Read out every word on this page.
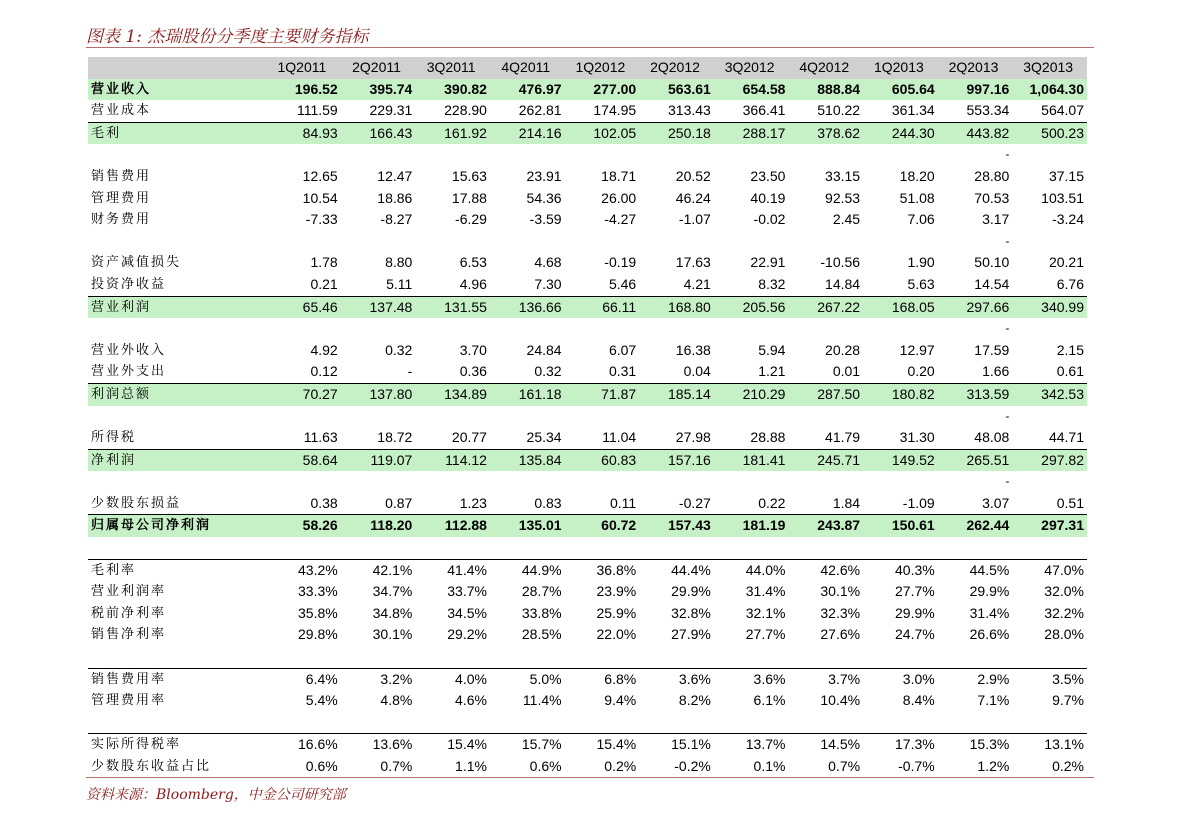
图表 1: 杰瑞股份分季度主要财务指标
	1Q2011	2Q2011	3Q2011	4Q2011	1Q2012	2Q2012	3Q2012	4Q2012	1Q2013	2Q2013	3Q2013
营业收入	196.52	395.74	390.82	476.97	277.00	563.61	654.58	888.84	605.64	997.16	1,064.30
营业成本	111.59	229.31	228.90	262.81	174.95	313.43	366.41	510.22	361.34	553.34	564.07
毛利	84.93	166.43	161.92	214.16	102.05	250.18	288.17	378.62	244.30	443.82	500.23
										-	
销售费用	12.65	12.47	15.63	23.91	18.71	20.52	23.50	33.15	18.20	28.80	37.15
管理费用	10.54	18.86	17.88	54.36	26.00	46.24	40.19	92.53	51.08	70.53	103.51
财务费用	-7.33	-8.27	-6.29	-3.59	-4.27	-1.07	-0.02	2.45	7.06	3.17	-3.24
										-	
资产减值损失	1.78	8.80	6.53	4.68	-0.19	17.63	22.91	-10.56	1.90	50.10	20.21
投资净收益	0.21	5.11	4.96	7.30	5.46	4.21	8.32	14.84	5.63	14.54	6.76
营业利润	65.46	137.48	131.55	136.66	66.11	168.80	205.56	267.22	168.05	297.66	340.99
										-	
营业外收入	4.92	0.32	3.70	24.84	6.07	16.38	5.94	20.28	12.97	17.59	2.15
营业外支出	0.12	-	0.36	0.32	0.31	0.04	1.21	0.01	0.20	1.66	0.61
利润总额	70.27	137.80	134.89	161.18	71.87	185.14	210.29	287.50	180.82	313.59	342.53
										-	
所得税	11.63	18.72	20.77	25.34	11.04	27.98	28.88	41.79	31.30	48.08	44.71
净利润	58.64	119.07	114.12	135.84	60.83	157.16	181.41	245.71	149.52	265.51	297.82
										-	
少数股东损益	0.38	0.87	1.23	0.83	0.11	-0.27	0.22	1.84	-1.09	3.07	0.51
归属母公司净利润	58.26	118.20	112.88	135.01	60.72	157.43	181.19	243.87	150.61	262.44	297.31

毛利率	43.2%	42.1%	41.4%	44.9%	36.8%	44.4%	44.0%	42.6%	40.3%	44.5%	47.0%
营业利润率	33.3%	34.7%	33.7%	28.7%	23.9%	29.9%	31.4%	30.1%	27.7%	29.9%	32.0%
税前净利率	35.8%	34.8%	34.5%	33.8%	25.9%	32.8%	32.1%	32.3%	29.9%	31.4%	32.2%
销售净利率	29.8%	30.1%	29.2%	28.5%	22.0%	27.9%	27.7%	27.6%	24.7%	26.6%	28.0%

销售费用率	6.4%	3.2%	4.0%	5.0%	6.8%	3.6%	3.6%	3.7%	3.0%	2.9%	3.5%
管理费用率	5.4%	4.8%	4.6%	11.4%	9.4%	8.2%	6.1%	10.4%	8.4%	7.1%	9.7%

实际所得税率	16.6%	13.6%	15.4%	15.7%	15.4%	15.1%	13.7%	14.5%	17.3%	15.3%	13.1%
少数股东收益占比	0.6%	0.7%	1.1%	0.6%	0.2%	-0.2%	0.1%	0.7%	-0.7%	1.2%	0.2%
资料来源：Bloomberg，中金公司研究部
